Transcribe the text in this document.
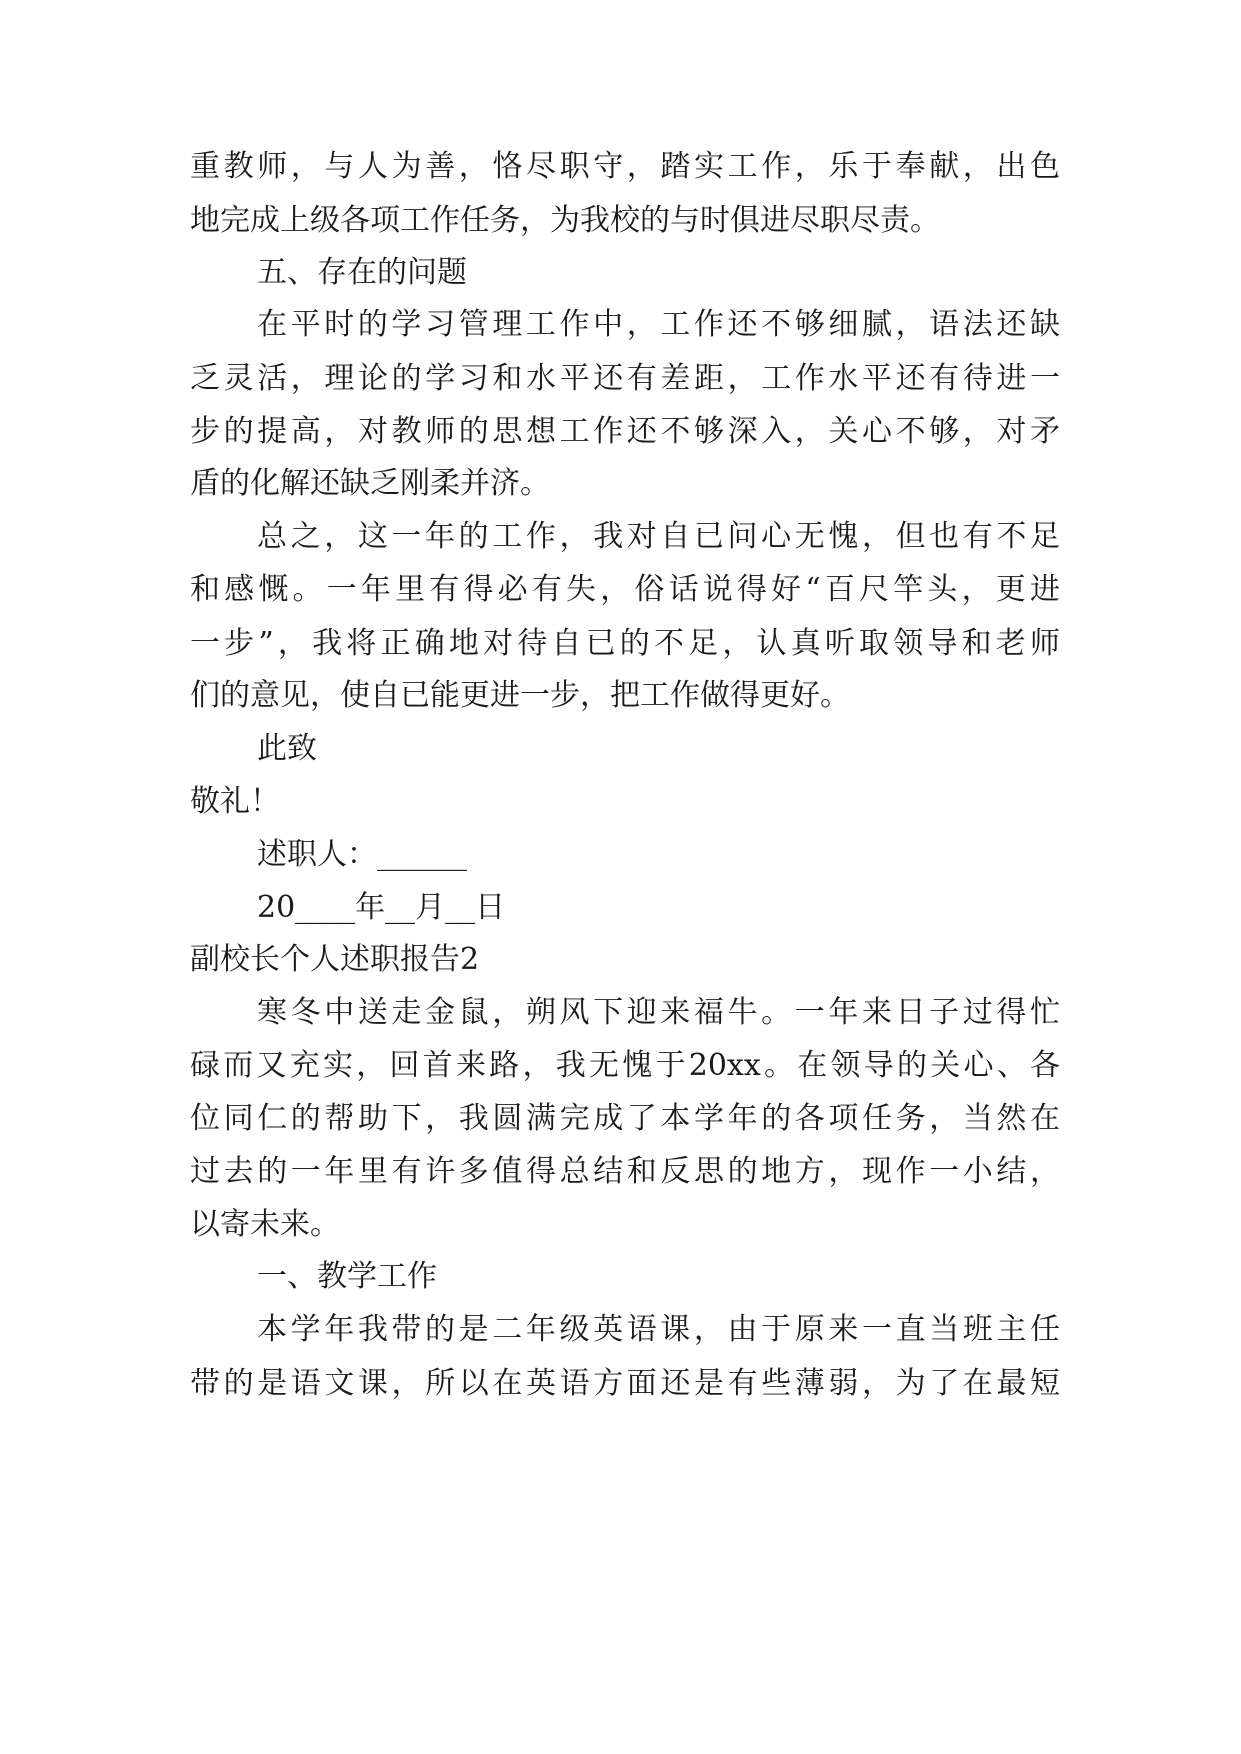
重教师，与人为善，恪尽职守，踏实工作，乐于奉献，出色
地完成上级各项工作任务，为我校的与时俱进尽职尽责。
五、存在的问题
在平时的学习管理工作中，工作还不够细腻，语法还缺
乏灵活，理论的学习和水平还有差距，工作水平还有待进一
步的提高，对教师的思想工作还不够深入，关心不够，对矛
盾的化解还缺乏刚柔并济。
总之，这一年的工作，我对自已问心无愧，但也有不足
和感慨。一年里有得必有失，俗话说得好“百尺竿头，更进
一步”，我将正确地对待自已的不足，认真听取领导和老师
们的意见，使自已能更进一步，把工作做得更好。
此致
敬礼！
述职人：______
20____年__月__日
副校长个人述职报告2
寒冬中送走金鼠，朔风下迎来福牛。一年来日子过得忙
碌而又充实，回首来路，我无愧于20xx。在领导的关心、各
位同仁的帮助下，我圆满完成了本学年的各项任务，当然在
过去的一年里有许多值得总结和反思的地方，现作一小结，
以寄未来。
一、教学工作
本学年我带的是二年级英语课，由于原来一直当班主任
带的是语文课，所以在英语方面还是有些薄弱，为了在最短
